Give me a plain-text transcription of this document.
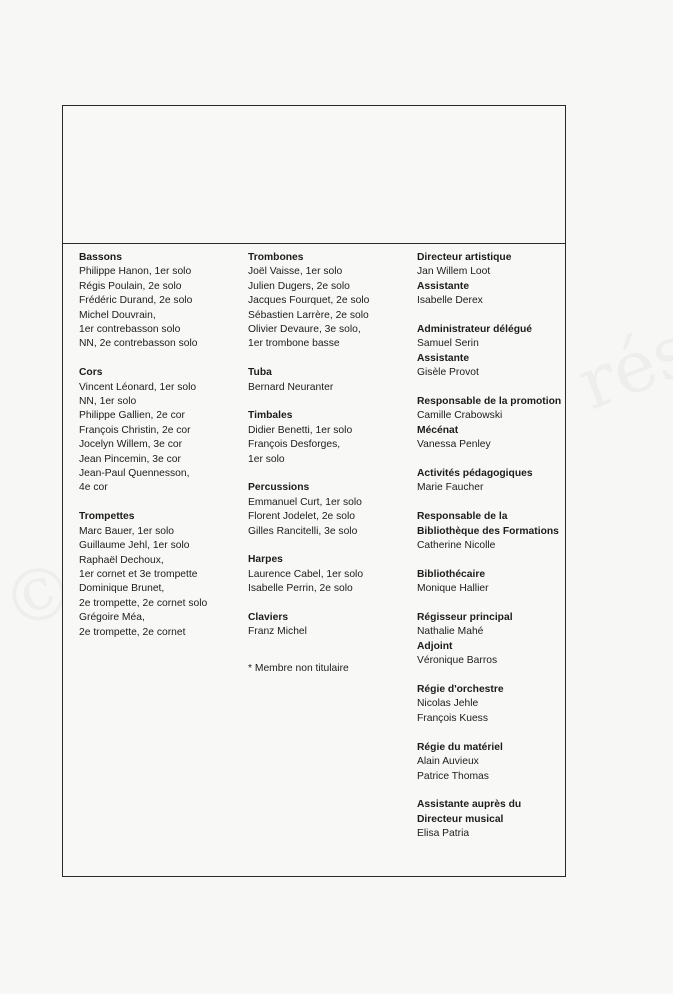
Bassons
Philippe Hanon, 1er solo
Régis Poulain, 2e solo
Frédéric Durand, 2e solo
Michel Douvrain,
1er contrebasson solo
NN, 2e contrebasson solo
Cors
Vincent Léonard, 1er solo
NN, 1er solo
Philippe Gallien, 2e cor
François Christin, 2e cor
Jocelyn Willem, 3e cor
Jean Pincemin, 3e cor
Jean-Paul Quennesson,
4e cor
Trompettes
Marc Bauer, 1er solo
Guillaume Jehl, 1er solo
Raphaël Dechoux,
1er cornet et 3e trompette
Dominique Brunet,
2e trompette, 2e cornet solo
Grégoire Méa,
2e trompette, 2e cornet
Trombones
Joël Vaisse, 1er solo
Julien Dugers, 2e solo
Jacques Fourquet, 2e solo
Sébastien Larrère, 2e solo
Olivier Devaure, 3e solo,
1er trombone basse
Tuba
Bernard Neuranter
Timbales
Didier Benetti, 1er solo
François Desforges,
1er solo
Percussions
Emmanuel Curt, 1er solo
Florent Jodelet, 2e solo
Gilles Rancitelli, 3e solo
Harpes
Laurence Cabel, 1er solo
Isabelle Perrin, 2e solo
Claviers
Franz Michel
* Membre non titulaire
Directeur artistique
Jan Willem Loot
Assistante
Isabelle Derex
Administrateur délégué
Samuel Serin
Assistante
Gisèle Provot
Responsable de la promotion
Camille Crabowski
Mécénat
Vanessa Penley
Activités pédagogiques
Marie Faucher
Responsable de la Bibliothèque des Formations
Catherine Nicolle
Bibliothécaire
Monique Hallier
Régisseur principal
Nathalie Mahé
Adjoint
Véronique Barros
Régie d'orchestre
Nicolas Jehle
François Kuess
Régie du matériel
Alain Auvieux
Patrice Thomas
Assistante auprès du Directeur musical
Elisa Patria
